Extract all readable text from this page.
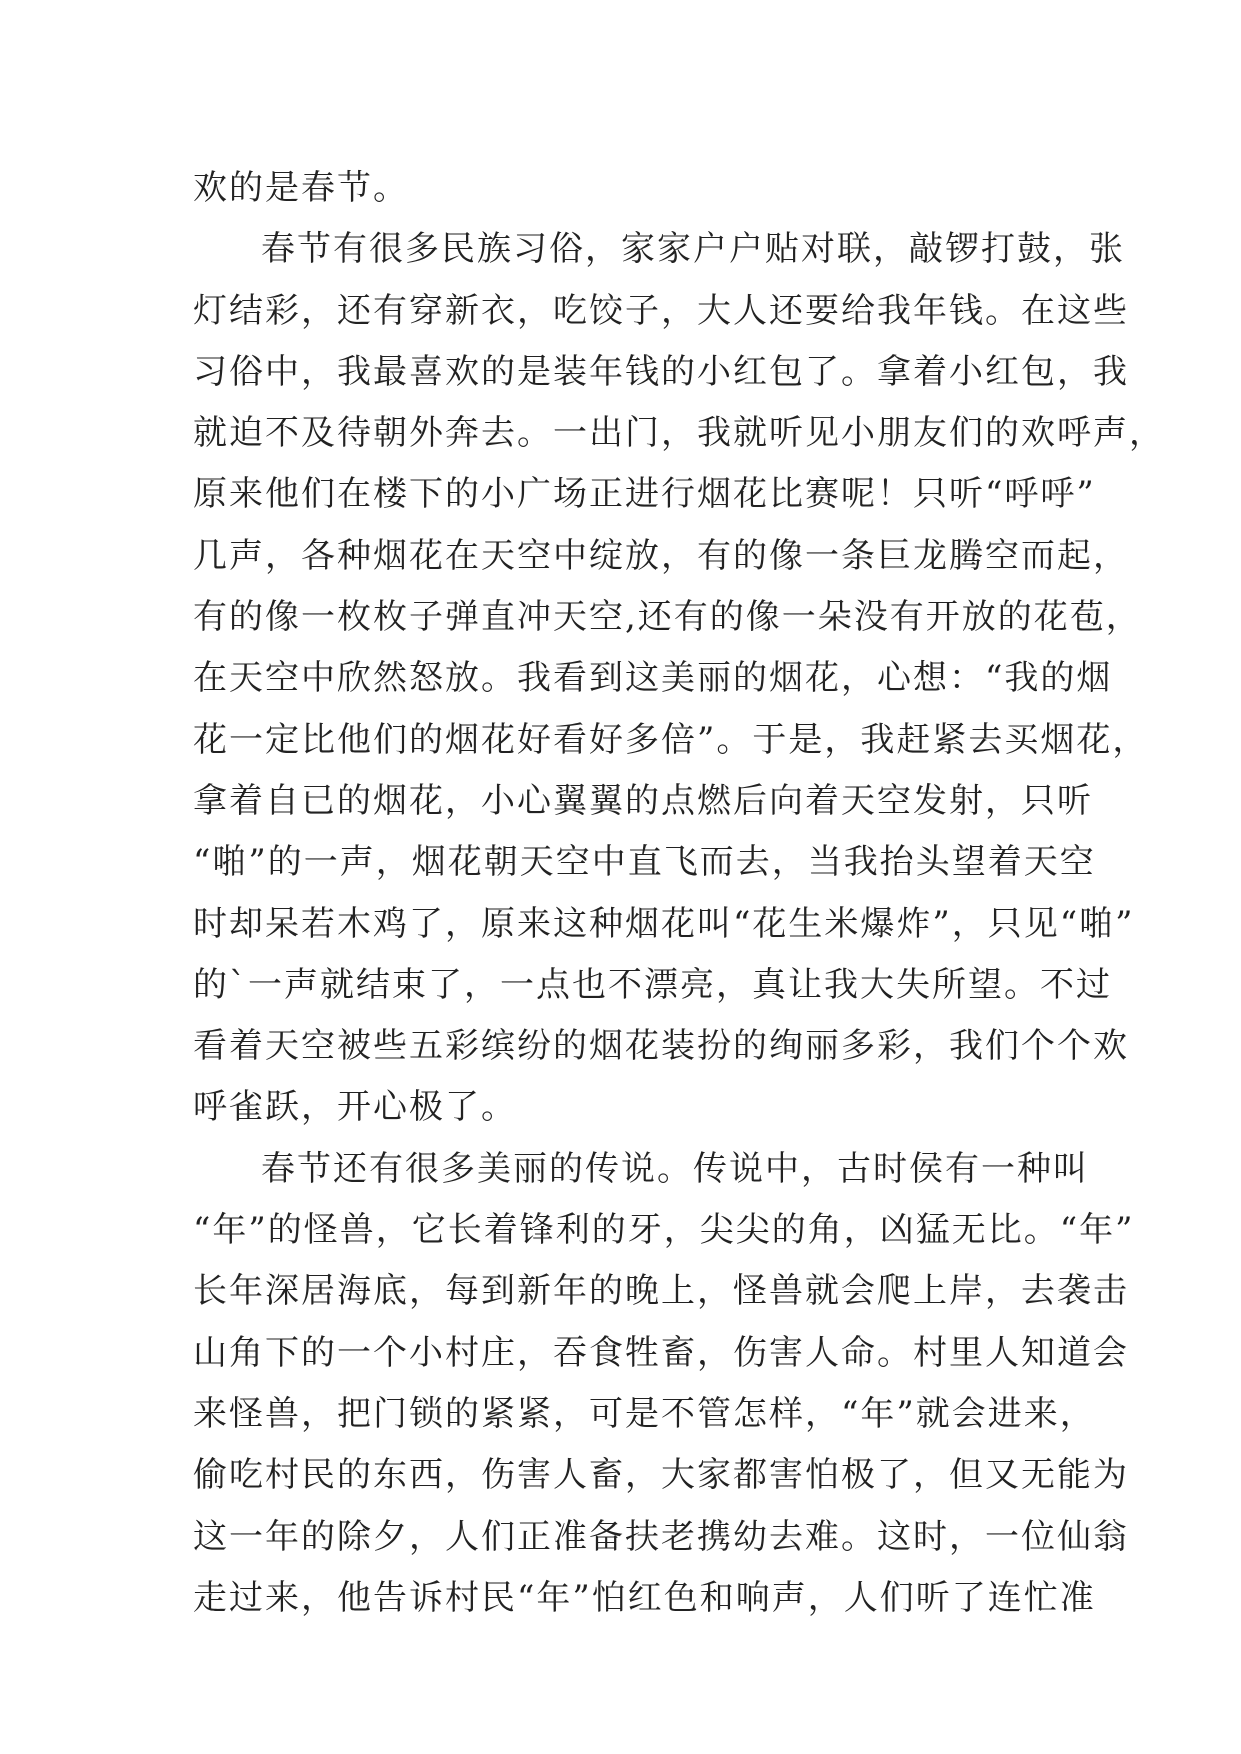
欢的是春节。
春节有很多民族习俗，家家户户贴对联，敲锣打鼓，张
灯结彩，还有穿新衣，吃饺子，大人还要给我年钱。在这些
习俗中，我最喜欢的是装年钱的小红包了。拿着小红包，我
就迫不及待朝外奔去。一出门，我就听见小朋友们的欢呼声，
原来他们在楼下的小广场正进行烟花比赛呢！只听“呼呼”
几声，各种烟花在天空中绽放，有的像一条巨龙腾空而起，
有的像一枚枚子弹直冲天空,还有的像一朵没有开放的花苞，
在天空中欣然怒放。我看到这美丽的烟花，心想：“我的烟
花一定比他们的烟花好看好多倍”。于是，我赶紧去买烟花，
拿着自已的烟花，小心翼翼的点燃后向着天空发射，只听
“啪”的一声，烟花朝天空中直飞而去，当我抬头望着天空
时却呆若木鸡了，原来这种烟花叫“花生米爆炸”，只见“啪”
的`一声就结束了，一点也不漂亮，真让我大失所望。不过
看着天空被些五彩缤纷的烟花装扮的绚丽多彩，我们个个欢
呼雀跃，开心极了。
春节还有很多美丽的传说。传说中，古时侯有一种叫
“年”的怪兽，它长着锋利的牙，尖尖的角，凶猛无比。“年”
长年深居海底，每到新年的晚上，怪兽就会爬上岸，去袭击
山角下的一个小村庄，吞食牲畜，伤害人命。村里人知道会
来怪兽，把门锁的紧紧，可是不管怎样，“年”就会进来，
偷吃村民的东西，伤害人畜，大家都害怕极了，但又无能为
这一年的除夕，人们正准备扶老携幼去难。这时，一位仙翁
走过来，他告诉村民“年”怕红色和响声，人们听了连忙准
